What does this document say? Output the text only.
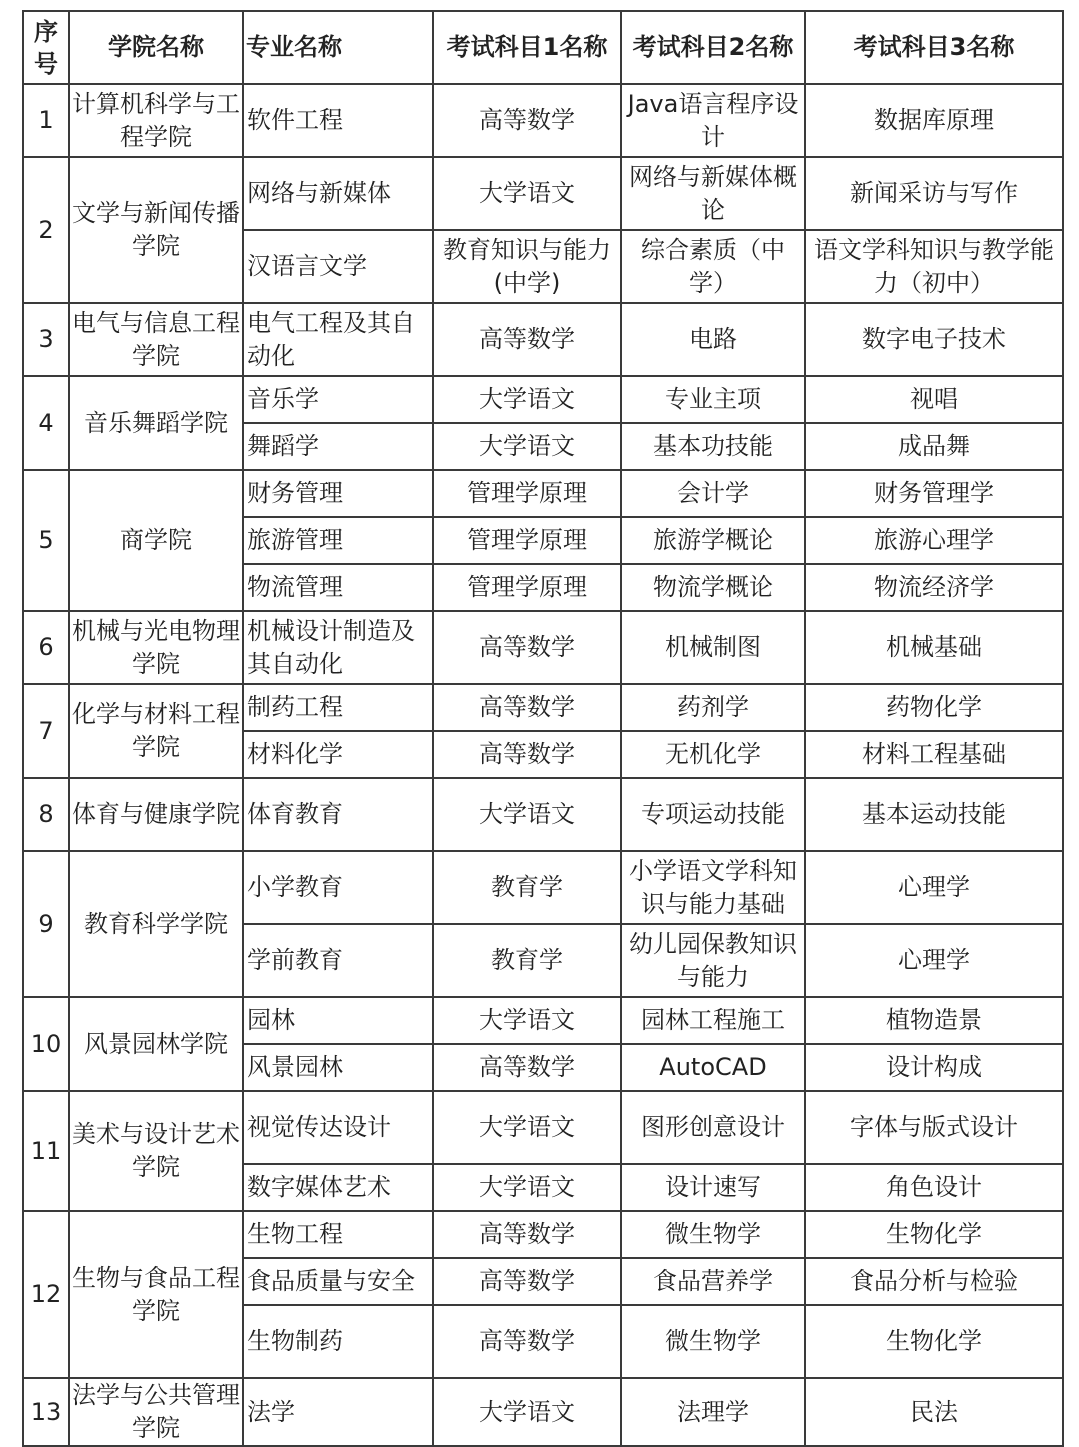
序号	学院名称	专业名称	考试科目1名称	考试科目2名称	考试科目3名称
1	计算机科学与工程学院	软件工程	高等数学	Java语言程序设计	数据库原理
2	文学与新闻传播学院	网络与新媒体	大学语文	网络与新媒体概论	新闻采访与写作
		汉语言文学	教育知识与能力(中学)	综合素质（中学）	语文学科知识与教学能力（初中）
3	电气与信息工程学院	电气工程及其自动化	高等数学	电路	数字电子技术
4	音乐舞蹈学院	音乐学	大学语文	专业主项	视唱
		舞蹈学	大学语文	基本功技能	成品舞
5	商学院	财务管理	管理学原理	会计学	财务管理学
		旅游管理	管理学原理	旅游学概论	旅游心理学
		物流管理	管理学原理	物流学概论	物流经济学
6	机械与光电物理学院	机械设计制造及其自动化	高等数学	机械制图	机械基础
7	化学与材料工程学院	制药工程	高等数学	药剂学	药物化学
		材料化学	高等数学	无机化学	材料工程基础
8	体育与健康学院	体育教育	大学语文	专项运动技能	基本运动技能
9	教育科学学院	小学教育	教育学	小学语文学科知识与能力基础	心理学
		学前教育	教育学	幼儿园保教知识与能力	心理学
10	风景园林学院	园林	大学语文	园林工程施工	植物造景
		风景园林	高等数学	AutoCAD	设计构成
11	美术与设计艺术学院	视觉传达设计	大学语文	图形创意设计	字体与版式设计
		数字媒体艺术	大学语文	设计速写	角色设计
12	生物与食品工程学院	生物工程	高等数学	微生物学	生物化学
		食品质量与安全	高等数学	食品营养学	食品分析与检验
		生物制药	高等数学	微生物学	生物化学
13	法学与公共管理学院	法学	大学语文	法理学	民法
